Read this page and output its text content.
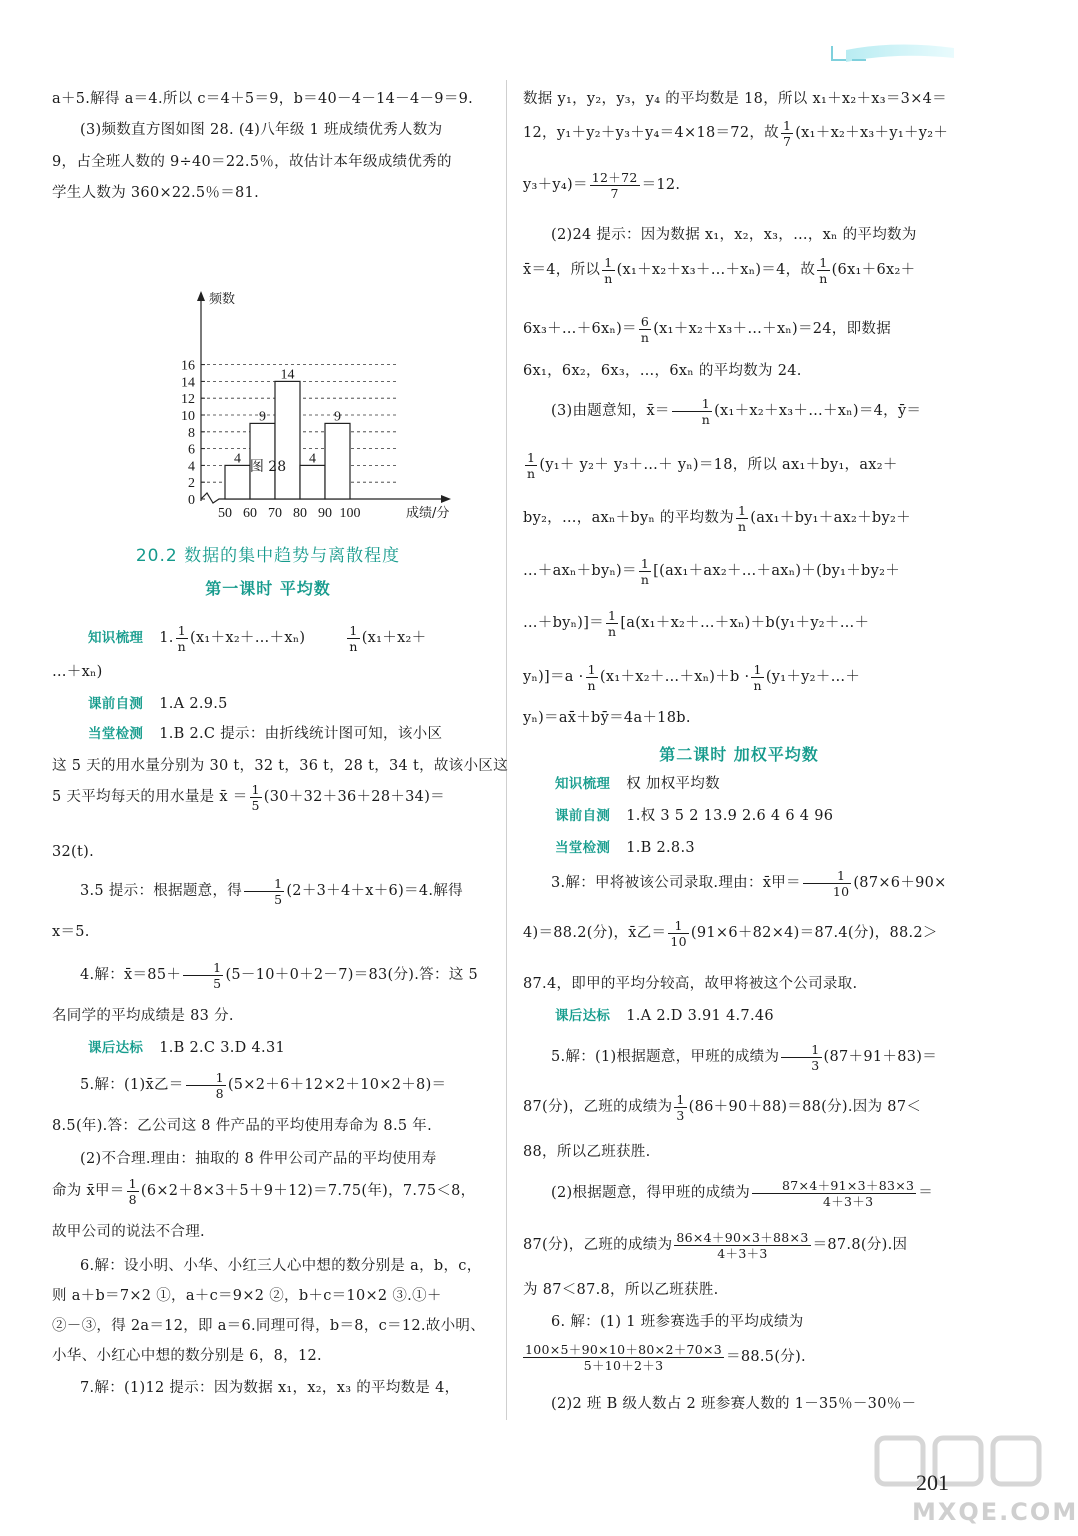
a＋5.解得 a＝4.所以 c＝4＋5＝9，b＝40－4－14－4－9＝9.
(3)频数直方图如图 28. (4)八年级 1 班成绩优秀人数为
9，占全班人数的 9÷40＝22.5％，故估计本年级成绩优秀的
学生人数为 360×22.5％＝81.
0
2
4
6
8
10
12
14
16
频数
4
9
14
4
9
50 60 70 80 90 100	成绩/分
图 28
20.2 数据的集中趋势与离散程度
第一课时 平均数
知识梳理 1. $\frac{1}{n}$ (x₁＋x₂＋…＋xₙ)	$\frac{1}{n} (x_1+x_2+$
…＋xₙ)
课前自测 1.A 2.9.5
当堂检测 1.B 2.C 提示：由折线统计图可知，该小区
这 5 天的用水量分别为 30 t，32 t，36 t，28 t，34 t，故该小区这
5 天平均每天的用水量是 x̄ ＝ $\frac{1}{5} (30+32+36+28+34)=$
32(t).
3.5 提示：根据题意，得 $\frac{1}{5} (2+3+4+x+6)=4$.解得
x＝5.
4.解：x̄＝85＋ $\frac{1}{5} (5-10+0+2-7)=83$(分).答：这 5
名同学的平均成绩是 83 分.
课后达标 1.B 2.C 3.D 4.31
5.解：(1)x̄乙＝ $\frac{1}{8} (5\times 2+6+12\times 2+10\times 2+8)=$
8.5(年).答：乙公司这 8 件产品的平均使用寿命为 8.5 年.
(2)不合理.理由：抽取的 8 件甲公司产品的平均使用寿
命为 x̄甲＝ $\frac{1}{8} (6\times 2+8\times 3+5+9+12)=7.75$(年)，7.75＜8，
故甲公司的说法不合理.
6.解：设小明、小华、小红三人心中想的数分别是 a，b，c，
则 a＋b＝7×2 ①，a＋c＝9×2 ②，b＋c＝10×2 ③.①＋
②－③，得 2a＝12，即 a＝6.同理可得，b＝8，c＝12.故小明、
小华、小红心中想的数分别是 6，8，12.
7.解：(1)12 提示：因为数据 x₁，x₂，x₃ 的平均数是 4，
数据 y₁，y₂，y₃，y₄ 的平均数是 18，所以 x₁＋x₂＋x₃＝3×4＝
12，y₁＋y₂＋y₃＋y₄＝4×18＝72，故 $\frac{1}{7} (x_1+x_2+x_3+y_1+y_2+$
$y_3+y_4)= \frac{12+72}{7} =12$.
(2)24 提示：因为数据 x₁，x₂，x₃，…，xₙ 的平均数为
x̄＝4，所以 $\frac{1}{n}$ (x₁＋x₂＋x₃＋…＋xₙ)＝4，故 $\frac{1}{n} (6x_1+6x_2+$
6x₃＋…＋6xₙ)＝ $\frac{6}{n}$ (x₁＋x₂＋x₃＋…＋xₙ)＝24，即数据
6x₁，6x₂，6x₃，…，6xₙ 的平均数为 24.
(3)由题意知，x̄＝ $\frac{1}{n}$ (x₁＋x₂＋x₃＋…＋xₙ)＝4，ȳ＝
$\frac{1}{n} (y_1+ y_2+$ y₃＋…＋ yₙ)＝18，所以 ax₁＋by₁，ax₂＋
by₂，…，axₙ＋byₙ 的平均数为 $\frac{1}{n} (ax_1+by_1+ax_2+by_2+$
…＋axₙ＋byₙ)＝ $\frac{1}{n}$ [(ax₁＋ax₂＋…＋axₙ)＋(by₁＋by₂＋
…＋byₙ)]＝ $\frac{1}{n}$ [a(x₁＋x₂＋…＋xₙ)＋b(y₁＋y₂＋…＋
$y_n)]=a \cdot \frac{1}{n}$ (x₁＋x₂＋…＋xₙ)＋b · $\frac{1}{n}$ (y₁＋y₂＋…＋
yₙ)＝ax̄＋bȳ＝4a＋18b.
第二课时 加权平均数
知识梳理 权 加权平均数
课前自测 1.权 3 5 2 13.9 2.6 4 6 4 96
当堂检测 1.B 2.8.3
3.解：甲将被该公司录取.理由：x̄甲＝ $\frac{1}{10} (87\times 6+90\times$
4)＝88.2(分)，x̄乙＝ $\frac{1}{10} (91\times 6+82\times 4)=87.4$(分)，88.2＞
87.4，即甲的平均分较高，故甲将被这个公司录取.
课后达标 1.A 2.D 3.91 4.7.46
5.解：(1)根据题意，甲班的成绩为 $\frac{1}{3} (87+91+83)=$
87(分)，乙班的成绩为 $\frac{1}{3} (86+90+88)=88$(分).因为 87＜
88，所以乙班获胜.
(2)根据题意，得甲班的成绩为 $\frac{87\times 4+91\times 3+83\times 3}{4+3+3}$ ＝
87(分)，乙班的成绩为 $\frac{86\times 4+90\times 3+88\times 3}{4+3+3} =87.8$(分).因
为 87＜87.8，所以乙班获胜.
6. 解：(1) 1 班参赛选手的平均成绩为
$\frac{100\times 5+90\times 10+80\times 2+70\times 3}{5+10+2+3} =88.5$(分).
(2)2 班 B 级人数占 2 班参赛人数的 1－35％－30％－
201
MXQE.COM
